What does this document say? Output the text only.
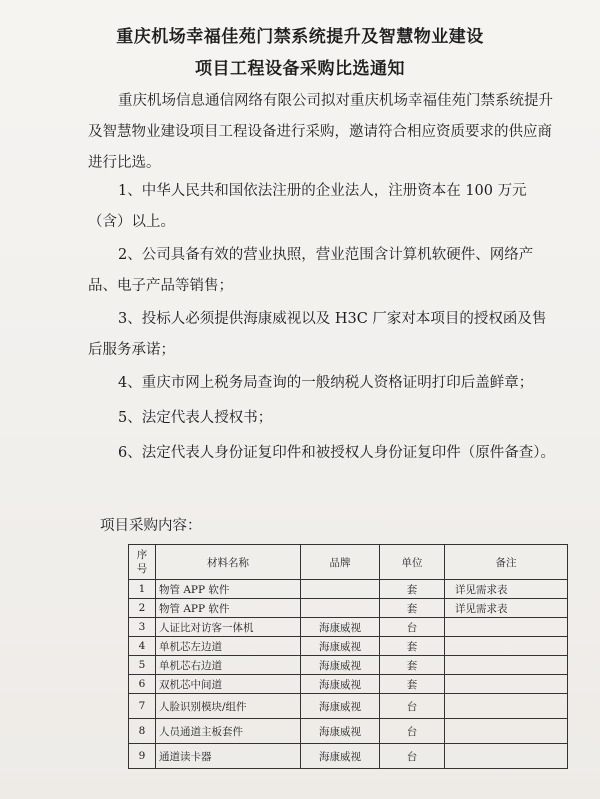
重庆机场幸福佳苑门禁系统提升及智慧物业建设
项目工程设备采购比选通知

重庆机场信息通信网络有限公司拟对重庆机场幸福佳苑门禁系统提升及智慧物业建设项目工程设备进行采购，邀请符合相应资质要求的供应商进行比选。

1、中华人民共和国依法注册的企业法人，注册资本在 100 万元（含）以上。

2、公司具备有效的营业执照，营业范围含计算机软硬件、网络产品、电子产品等销售；

3、投标人必须提供海康威视以及 H3C 厂家对本项目的授权函及售后服务承诺；

4、重庆市网上税务局查询的一般纳税人资格证明打印后盖鲜章；

5、法定代表人授权书；

6、法定代表人身份证复印件和被授权人身份证复印件（原件备查）。

项目采购内容：
序号	材料名称	品牌	单位	备注
1	物管 APP 软件		套	详见需求表
2	物管 APP 软件		套	详见需求表
3	人证比对访客一体机	海康威视	台	
4	单机芯左边道	海康威视	套	
5	单机芯右边道	海康威视	套	
6	双机芯中间道	海康威视	套	
7	人脸识别模块/组件	海康威视	台	
8	人员通道主板套件	海康威视	台	
9	通道读卡器	海康威视	台	
